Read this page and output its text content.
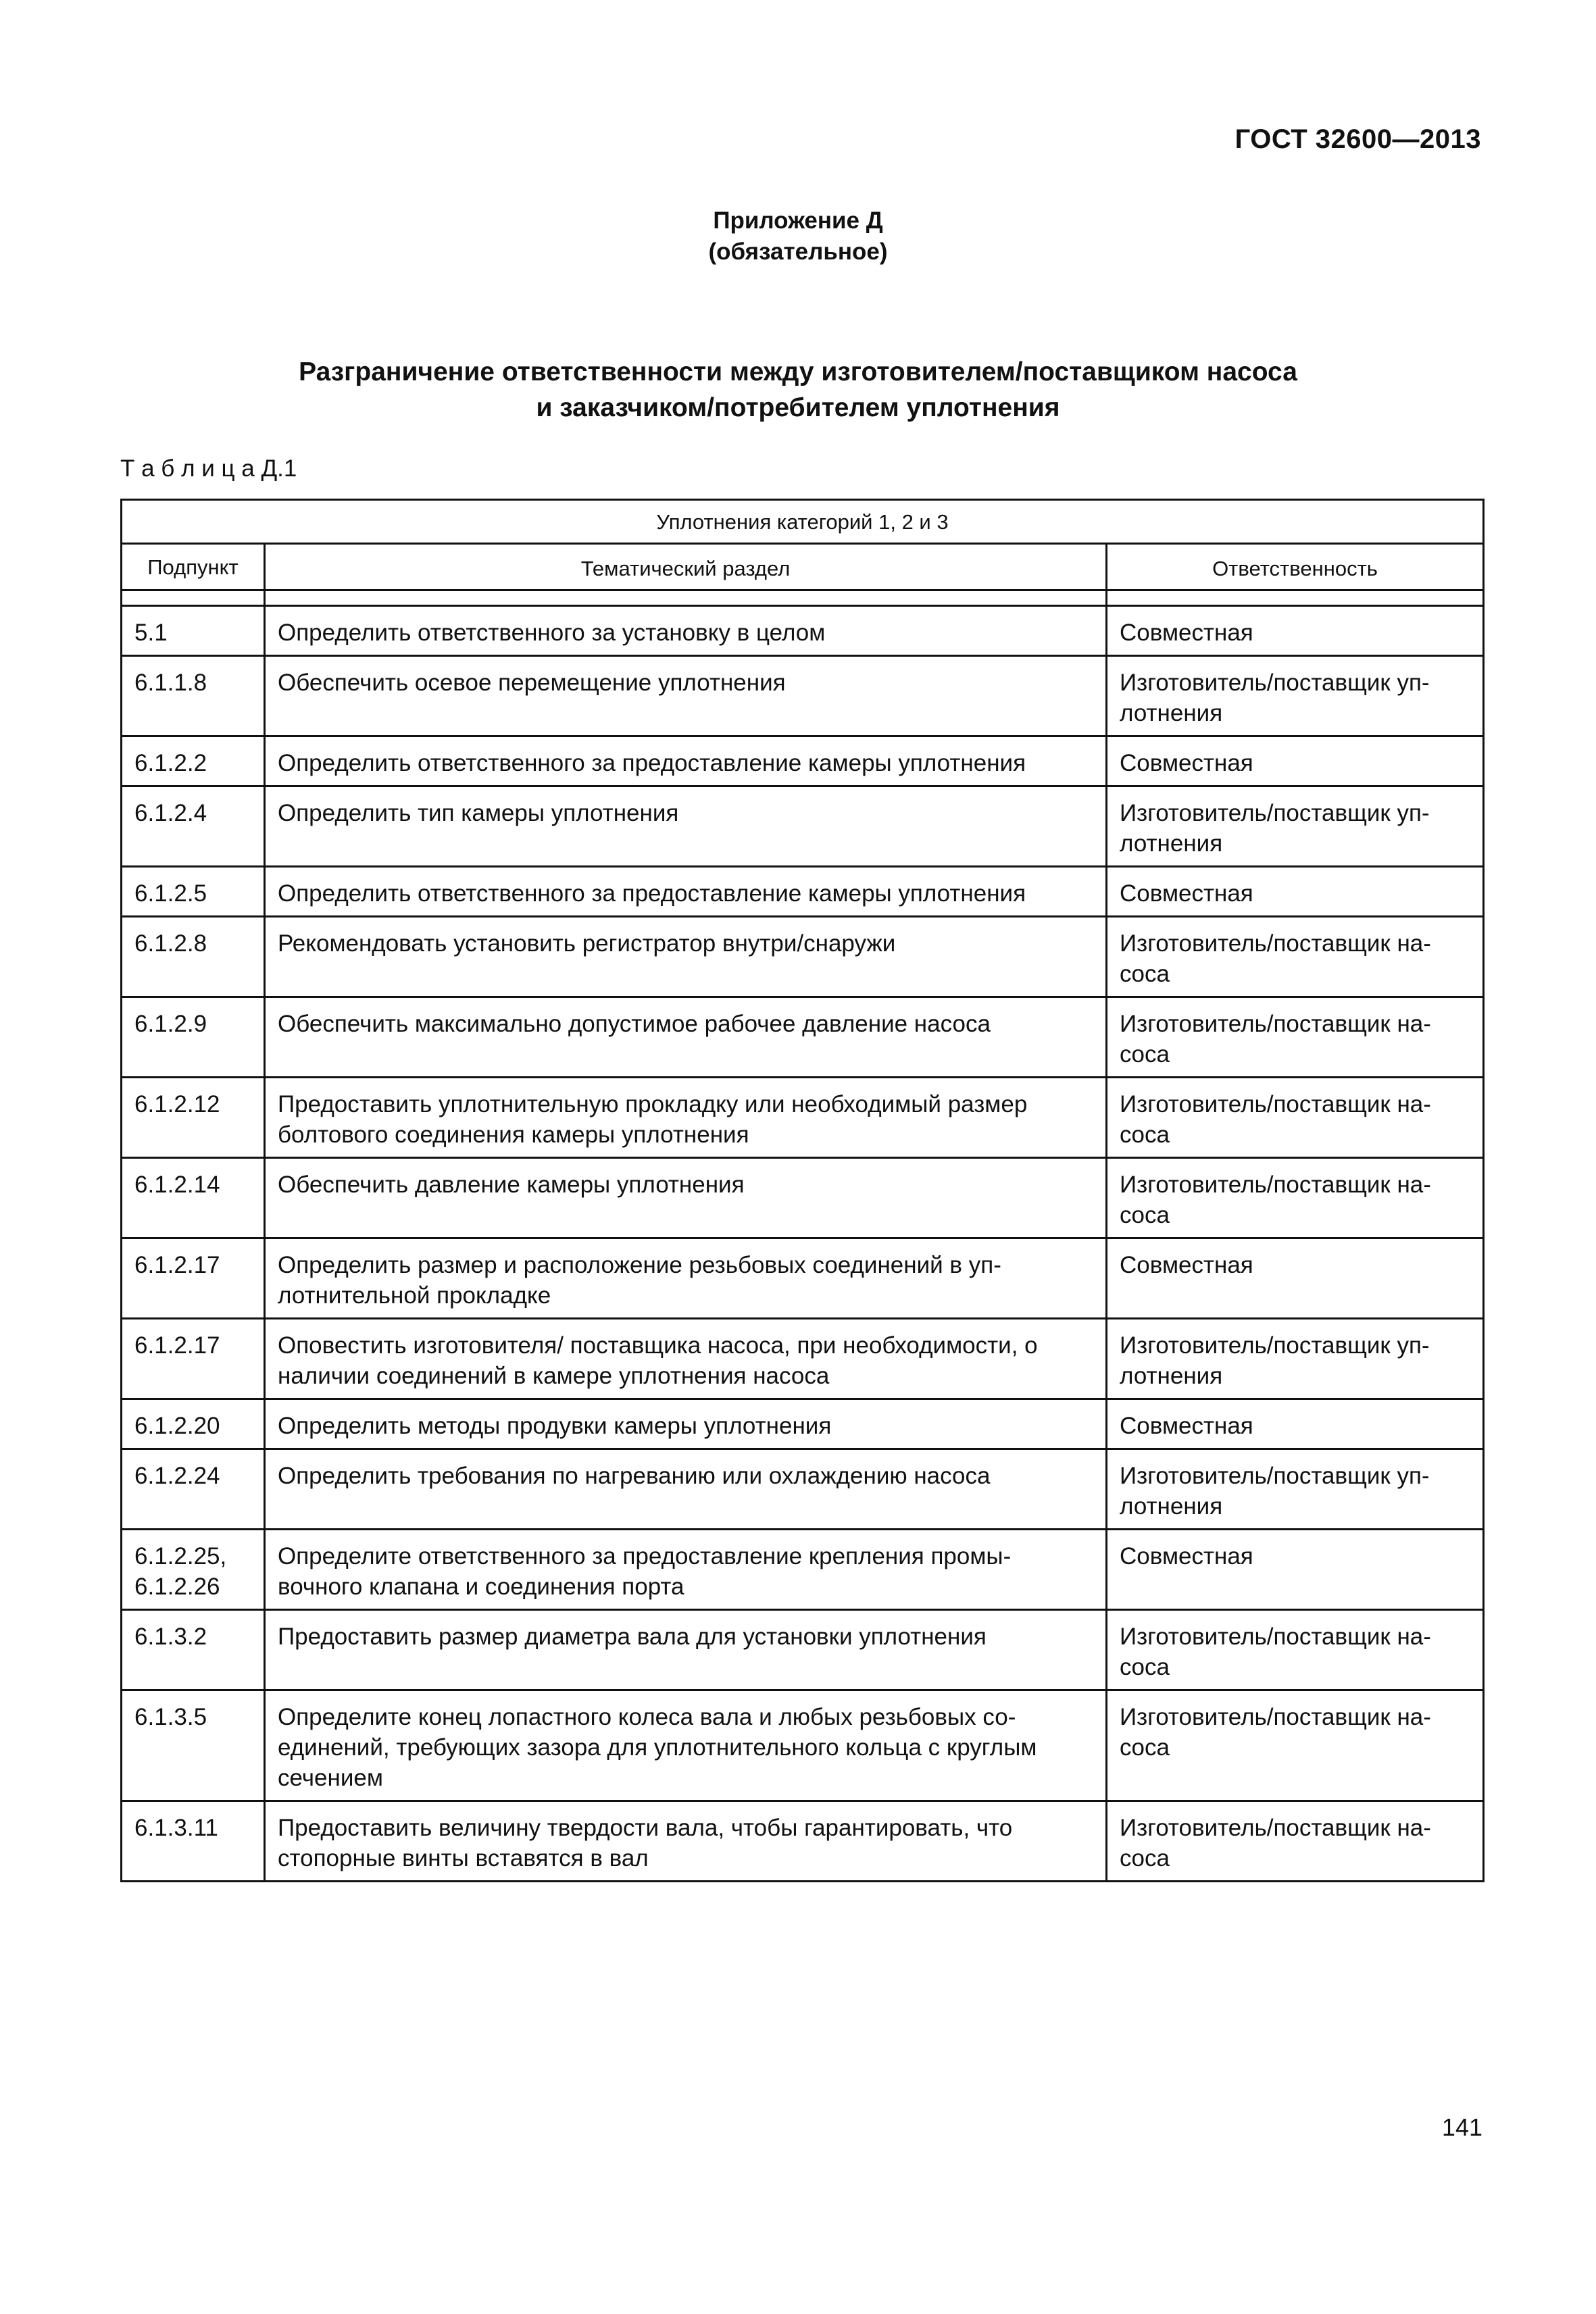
ГОСТ 32600—2013
Приложение Д
(обязательное)
Разграничение ответственности между изготовителем/поставщиком насоса
и заказчиком/потребителем уплотнения
Т а б л и ц а Д.1
Уплотнения категорий 1, 2 и 3		
Подпункт	Тематический раздел	Ответственность

5.1	Определить ответственного за установку в целом	Совместная
6.1.1.8	Обеспечить осевое перемещение уплотнения	Изготовитель/поставщик уп-лотнения
6.1.2.2	Определить ответственного за предоставление камеры уплотнения	Совместная
6.1.2.4	Определить тип камеры уплотнения	Изготовитель/поставщик уп-лотнения
6.1.2.5	Определить ответственного за предоставление камеры уплотнения	Совместная
6.1.2.8	Рекомендовать установить регистратор внутри/снаружи	Изготовитель/поставщик на-coca
6.1.2.9	Обеспечить максимально допустимое рабочее давление насоса	Изготовитель/поставщик на-coca
6.1.2.12	Предоставить уплотнительную прокладку или необходимый размер болтового соединения камеры уплотнения	Изготовитель/поставщик на-coca
6.1.2.14	Обеспечить давление камеры уплотнения	Изготовитель/поставщик на-coca
6.1.2.17	Определить размер и расположение резьбовых соединений в уп-лотнительной прокладке	Совместная
6.1.2.17	Оповестить изготовителя/ поставщика насоса, при необходимости, о наличии соединений в камере уплотнения насоса	Изготовитель/поставщик уп-лотнения
6.1.2.20	Определить методы продувки камеры уплотнения	Совместная
6.1.2.24	Определить требования по нагреванию или охлаждению насоса	Изготовитель/поставщик уп-лотнения
6.1.2.25, 6.1.2.26	Определите ответственного за предоставление крепления промы-вочного клапана и соединения порта	Совместная
6.1.3.2	Предоставить размер диаметра вала для установки уплотнения	Изготовитель/поставщик на-coca
6.1.3.5	Определите конец лопастного колеса вала и любых резьбовых со-единений, требующих зазора для уплотнительного кольца с круглым сечением	Изготовитель/поставщик на-coca
6.1.3.11	Предоставить величину твердости вала, чтобы гарантировать, что стопорные винты вставятся в вал	Изготовитель/поставщик на-coca
141
